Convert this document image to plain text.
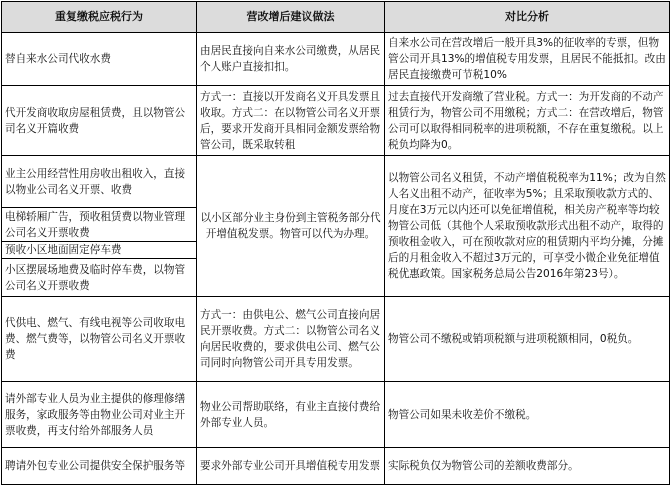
重复缴税应税行为	营改增后建议做法	对比分析
替自来水公司代收水费	由居民直接向自来水公司缴费，从居民个人账户直接扣扣。	自来水公司在营改增后一般开具3%的征收率的专票，但物管公司开具13%的增值税专用发票，且居民不能抵扣。改由居民直接缴费可节税10%
代开发商收取房屋租赁费，且以物管公司名义开篇收费	方式一：直接以开发商名义开具发票且收取。方式二：在以物管公司名义开票后，要求开发商开具相同金额发票给物管公司，既采取转租	过去直接代开发商缴了营业税。方式一：为开发商的不动产租赁行为，物管公司不用缴税；方式二：在营改增后，物管公司可以取得相同税率的进项税额，不存在重复缴税。以上税负均降为0。
业主公用经营性用房收出租收入，直接以物业公司名义开票、收费	以小区部分业主身份到主管税务部分代开增值税发票。物管可以代为办理。	以物管公司名义租赁，不动产增值税税率为11%；改为自然人名义出租不动产，征收率为5%；且采取预收款方式的、月度在3万元以内还可以免征增值税，相关房产税率等均较物管公司低（其他个人采取预收款形式出租不动产，取得的预收租金收入，可在预收款对应的租赁期内平均分摊，分摊后的月租金收入不超过3万元的，可享受小微企业免征增值税优惠政策。国家税务总局公告2016年第23号）。
电梯轿厢广告，预收租赁费以物业管理公司名义开票收费		
预收小区地面固定停车费		
小区摆展场地费及临时停车费，以物管公司名义开票收费		
代供电、燃气、有线电视等公司收取电费、燃气费等，以物管公司名义开票收费	方式一：由供电公、燃气公司直接向居民开票收费。方式二：以物管公司名义向居民收费的，要求供电公司、燃气公司同时向物管公司开具专用发票。	物管公司不缴税或销项税额与进项税额相同，0税负。
请外部专业人员为业主提供的修理修缮服务，家政服务等由物业公司对业主开票收费，再支付给外部服务人员	物业公司帮助联络，有业主直接付费给外部专业人员。	物管公司如果未收差价不缴税。
聘请外包专业公司提供安全保护服务等	要求外部专业公司开具增值税专用发票	实际税负仅为物管公司的差额收费部分。
